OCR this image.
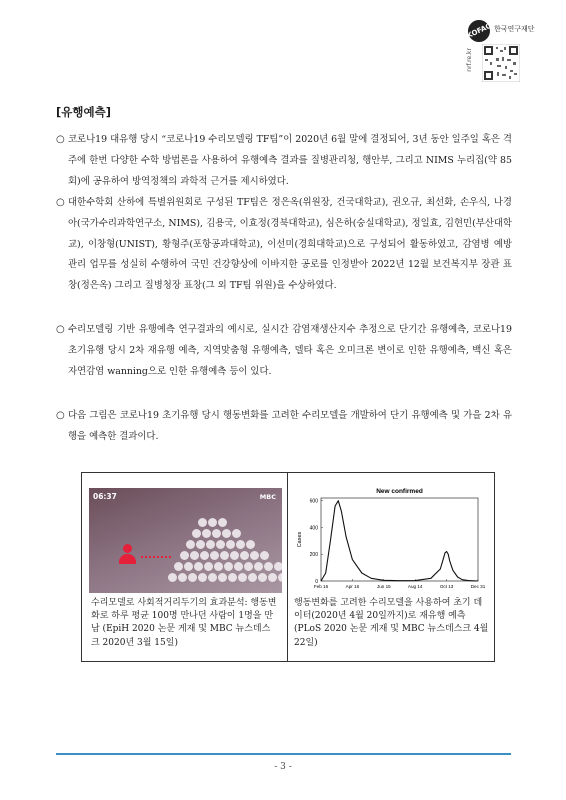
KOFAC 한국연구재단
nrf.re.kr
[유행예측]
○ 코로나19 대유행 당시 “코로나19 수리모델링 TF팀”이 2020년 6월 말에 결정되어, 3년 동안 일주일 혹은 격주에 한번 다양한 수학 방법론을 사용하여 유행예측 결과를 질병관리청, 행안부, 그리고 NIMS 누리집(약 85회)에 공유하여 방역정책의 과학적 근거를 제시하였다.
○ 대한수학회 산하에 특별위원회로 구성된 TF팀은 정은옥(위원장, 건국대학교), 권오규, 최선화, 손우식, 나경아(국가수리과학연구소, NIMS), 김용국, 이효정(경북대학교), 심은하(숭실대학교), 정일효, 김현민(부산대학교), 이창형(UNIST), 황형주(포항공과대학교), 이선미(경희대학교)으로 구성되어 활동하였고, 감염병 예방관리 업무를 성실히 수행하여 국민 건강향상에 이바지한 공로를 인정받아 2022년 12월 보건복지부 장관 표창(정은옥) 그리고 질병청장 표창(그 외 TF팀 위원)을 수상하였다.
○ 수리모델링 기반 유행예측 연구결과의 예시로, 실시간 감염재생산지수 추정으로 단기간 유행예측, 코로나19 초기유행 당시 2차 재유행 예측, 지역맞춤형 유행예측, 델타 혹은 오미크론 변이로 인한 유행예측, 백신 혹은 자연감염 wanning으로 인한 유행예측 등이 있다.
○ 다음 그림은 코로나19 초기유행 당시 행동변화를 고려한 수리모델을 개발하여 단기 유행예측 및 가을 2차 유행을 예측한 결과이다.
06:37	MBC
수리모델로 사회적거리두기의 효과분석: 행동변화로 하루 평균 100명 만나던 사람이 1명을 만남 (EpiH 2020 논문 게재 및 MBC 뉴스데스크 2020년 3월 15일)
New confirmed
Cases
0
200
400
600
Feb 16	Apr 16	Jun 15	Aug 14	Oct 13	Dec 31
행동변화를 고려한 수리모델을 사용하여 초기 데이터(2020년 4월 20일까지)로 재유행 예측(PLoS 2020 논문 게재 및 MBC 뉴스데스크 4월 22일)
- 3 -
